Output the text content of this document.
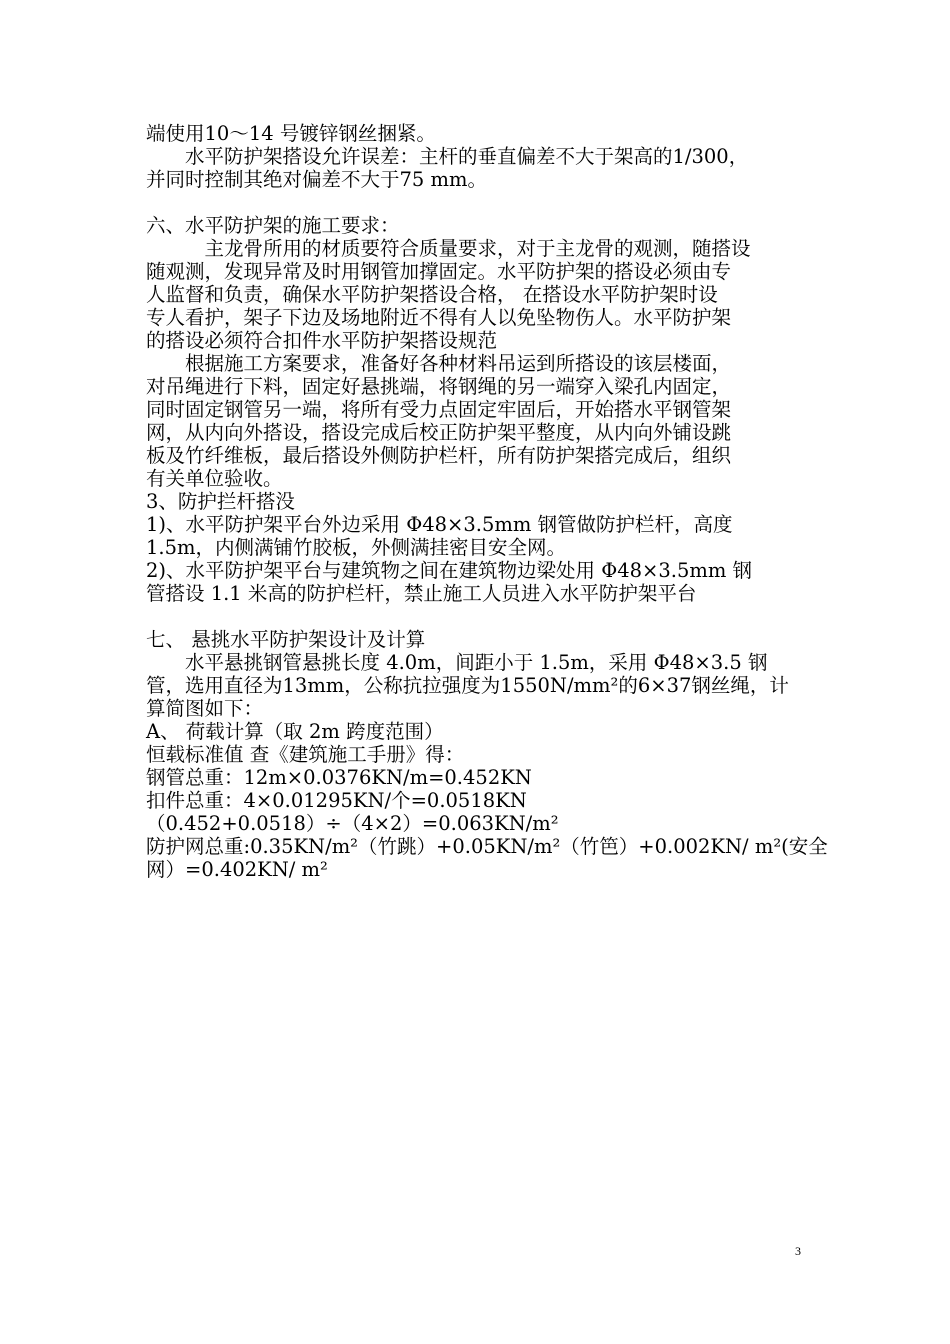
端使用10～14 号镀锌钢丝捆紧。
　　水平防护架搭设允许误差：主杆的垂直偏差不大于架高的1/300，
并同时控制其绝对偏差不大于75 mm。
六、水平防护架的施工要求：
　　　主龙骨所用的材质要符合质量要求，对于主龙骨的观测，随搭设
随观测，发现异常及时用钢管加撑固定。水平防护架的搭设必须由专
人监督和负责，确保水平防护架搭设合格， 在搭设水平防护架时设
专人看护，架子下边及场地附近不得有人以免坠物伤人。水平防护架
的搭设必须符合扣件水平防护架搭设规范
　　根据施工方案要求，准备好各种材料吊运到所搭设的该层楼面，
对吊绳进行下料，固定好悬挑端，将钢绳的另一端穿入梁孔内固定，
同时固定钢管另一端，将所有受力点固定牢固后，开始搭水平钢管架
网，从内向外搭设，搭设完成后校正防护架平整度，从内向外铺设跳
板及竹纤维板，最后搭设外侧防护栏杆，所有防护架搭完成后，组织
有关单位验收。
3、防护拦杆搭没
1)、水平防护架平台外边采用 Φ48×3.5mm 钢管做防护栏杆，高度
1.5m，内侧满铺竹胶板，外侧满挂密目安全网。
2)、水平防护架平台与建筑物之间在建筑物边梁处用 Φ48×3.5mm 钢
管搭设 1.1 米高的防护栏杆，禁止施工人员进入水平防护架平台
七、 悬挑水平防护架设计及计算
　　水平悬挑钢管悬挑长度 4.0m，间距小于 1.5m，采用 Φ48×3.5 钢
管，选用直径为13mm，公称抗拉强度为1550N/mm²的6×37钢丝绳，计
算简图如下：
A、 荷载计算（取 2m 跨度范围）
恒载标准值 查《建筑施工手册》得：
钢管总重：12m×0.0376KN/m=0.452KN
扣件总重：4×0.01295KN/个=0.0518KN
（0.452+0.0518）÷（4×2）=0.063KN/m²
防护网总重:0.35KN/m²（竹跳）+0.05KN/m²（竹笆）+0.002KN/ m²(安全
网）=0.402KN/ m²
3
